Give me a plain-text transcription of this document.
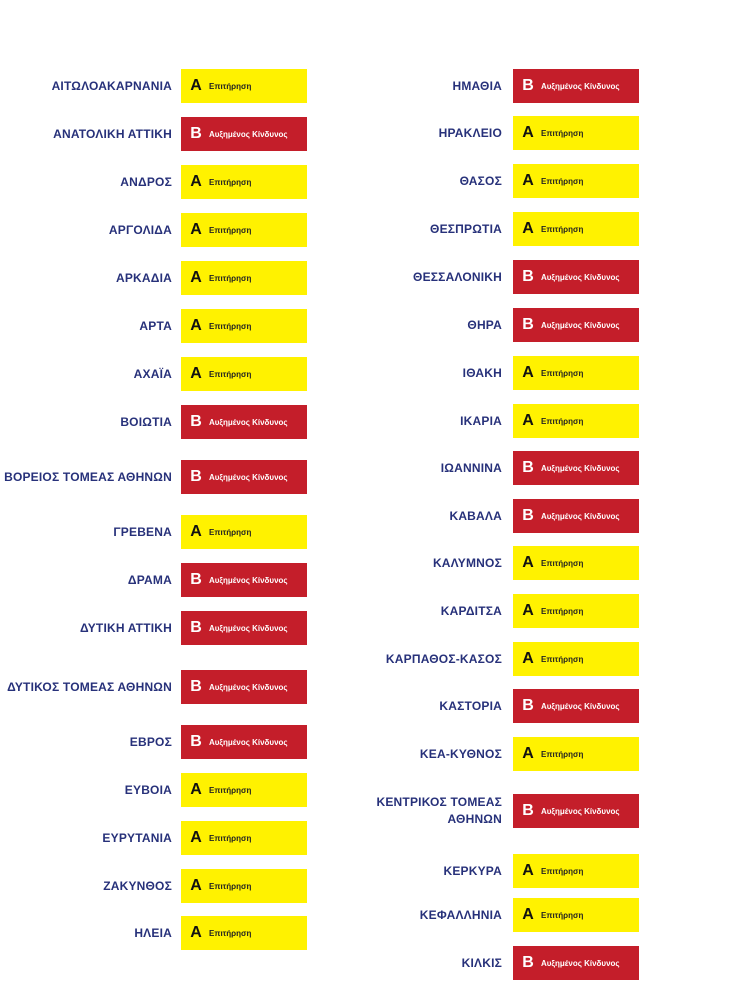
ΑΙΤΩΛΟΑΚΑΡΝΑΝΙΑ	Α Επιτήρηση
ΑΝΑΤΟΛΙΚΗ ΑΤΤΙΚΗ	Β Αυξημένος Κίνδυνος
ΑΝΔΡΟΣ	Α Επιτήρηση
ΑΡΓΟΛΙΔΑ	Α Επιτήρηση
ΑΡΚΑΔΙΑ	Α Επιτήρηση
ΑΡΤΑ	Α Επιτήρηση
ΑΧΑΪΑ	Α Επιτήρηση
ΒΟΙΩΤΙΑ	Β Αυξημένος Κίνδυνος
ΒΟΡΕΙΟΣ ΤΟΜΕΑΣ ΑΘΗΝΩΝ	Β Αυξημένος Κίνδυνος
ΓΡΕΒΕΝΑ	Α Επιτήρηση
ΔΡΑΜΑ	Β Αυξημένος Κίνδυνος
ΔΥΤΙΚΗ ΑΤΤΙΚΗ	Β Αυξημένος Κίνδυνος
ΔΥΤΙΚΟΣ ΤΟΜΕΑΣ ΑΘΗΝΩΝ	Β Αυξημένος Κίνδυνος
ΕΒΡΟΣ	Β Αυξημένος Κίνδυνος
ΕΥΒΟΙΑ	Α Επιτήρηση
ΕΥΡΥΤΑΝΙΑ	Α Επιτήρηση
ΖΑΚΥΝΘΟΣ	Α Επιτήρηση
ΗΛΕΙΑ	Α Επιτήρηση
ΗΜΑΘΙΑ	Β Αυξημένος Κίνδυνος
ΗΡΑΚΛΕΙΟ	Α Επιτήρηση
ΘΑΣΟΣ	Α Επιτήρηση
ΘΕΣΠΡΩΤΙΑ	Α Επιτήρηση
ΘΕΣΣΑΛΟΝΙΚΗ	Β Αυξημένος Κίνδυνος
ΘΗΡΑ	Β Αυξημένος Κίνδυνος
ΙΘΑΚΗ	Α Επιτήρηση
ΙΚΑΡΙΑ	Α Επιτήρηση
ΙΩΑΝΝΙΝΑ	Β Αυξημένος Κίνδυνος
ΚΑΒΑΛΑ	Β Αυξημένος Κίνδυνος
ΚΑΛΥΜΝΟΣ	Α Επιτήρηση
ΚΑΡΔΙΤΣΑ	Α Επιτήρηση
ΚΑΡΠΑΘΟΣ-ΚΑΣΟΣ	Α Επιτήρηση
ΚΑΣΤΟΡΙΑ	Β Αυξημένος Κίνδυνος
ΚΕΑ-ΚΥΘΝΟΣ	Α Επιτήρηση
ΚΕΝΤΡΙΚΟΣ ΤΟΜΕΑΣ ΑΘΗΝΩΝ	Β Αυξημένος Κίνδυνος
ΚΕΡΚΥΡΑ	Α Επιτήρηση
ΚΕΦΑΛΛΗΝΙΑ	Α Επιτήρηση
ΚΙΛΚΙΣ	Β Αυξημένος Κίνδυνος
